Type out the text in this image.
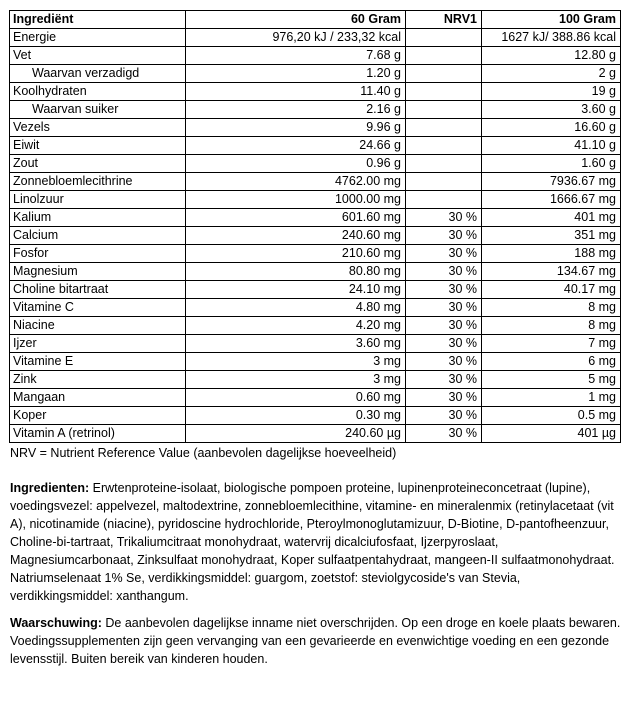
Ingrediënt	60 Gram	NRV1	100 Gram
Energie	976,20 kJ / 233,32 kcal		1627 kJ/ 388.86 kcal
Vet	7.68 g		12.80 g
Waarvan verzadigd	1.20 g		2 g
Koolhydraten	11.40 g		19 g
Waarvan suiker	2.16 g		3.60 g
Vezels	9.96 g		16.60 g
Eiwit	24.66 g		41.10 g
Zout	0.96 g		1.60 g
Zonnebloemlecithrine	4762.00 mg		7936.67 mg
Linolzuur	1000.00 mg		1666.67 mg
Kalium	601.60 mg	30 %	401 mg
Calcium	240.60 mg	30 %	351 mg
Fosfor	210.60 mg	30 %	188 mg
Magnesium	80.80 mg	30 %	134.67 mg
Choline bitartraat	24.10 mg	30 %	40.17 mg
Vitamine C	4.80 mg	30 %	8 mg
Niacine	4.20 mg	30 %	8 mg
Ijzer	3.60 mg	30 %	7 mg
Vitamine E	3 mg	30 %	6 mg
Zink	3 mg	30 %	5 mg
Mangaan	0.60 mg	30 %	1 mg
Koper	0.30 mg	30 %	0.5 mg
Vitamin A (retrinol)	240.60 µg	30 %	401 µg
NRV = Nutrient Reference Value (aanbevolen dagelijkse hoeveelheid)
Ingredienten: Erwtenproteine-isolaat, biologische pompoen proteine, lupinenproteineconcetraat (lupine), voedingsvezel: appelvezel, maltodextrine, zonnebloemlecithine, vitamine- en mineralenmix (retinylacetaat (vit A), nicotinamide (niacine), pyridoscine hydrochloride, Pteroylmonoglutamizuur, D-Biotine, D-pantofheenzuur, Choline-bi-tartraat, Trikaliumcitraat monohydraat, watervrij dicalciufosfaat, Ijzerpyroslaat, Magnesiumcarbonaat, Zinksulfaat monohydraat, Koper sulfaatpentahydraat, mangeen-II sulfaatmonohydraat. Natriumselenaat 1% Se, verdikkingsmiddel: guargom, zoetstof: steviolgycoside's van Stevia, verdikkingsmiddel: xanthangum.
Waarschuwing: De aanbevolen dagelijkse inname niet overschrijden. Op een droge en koele plaats bewaren. Voedingssupplementen zijn geen vervanging van een gevarieerde en evenwichtige voeding en een gezonde levensstijl. Buiten bereik van kinderen houden.
